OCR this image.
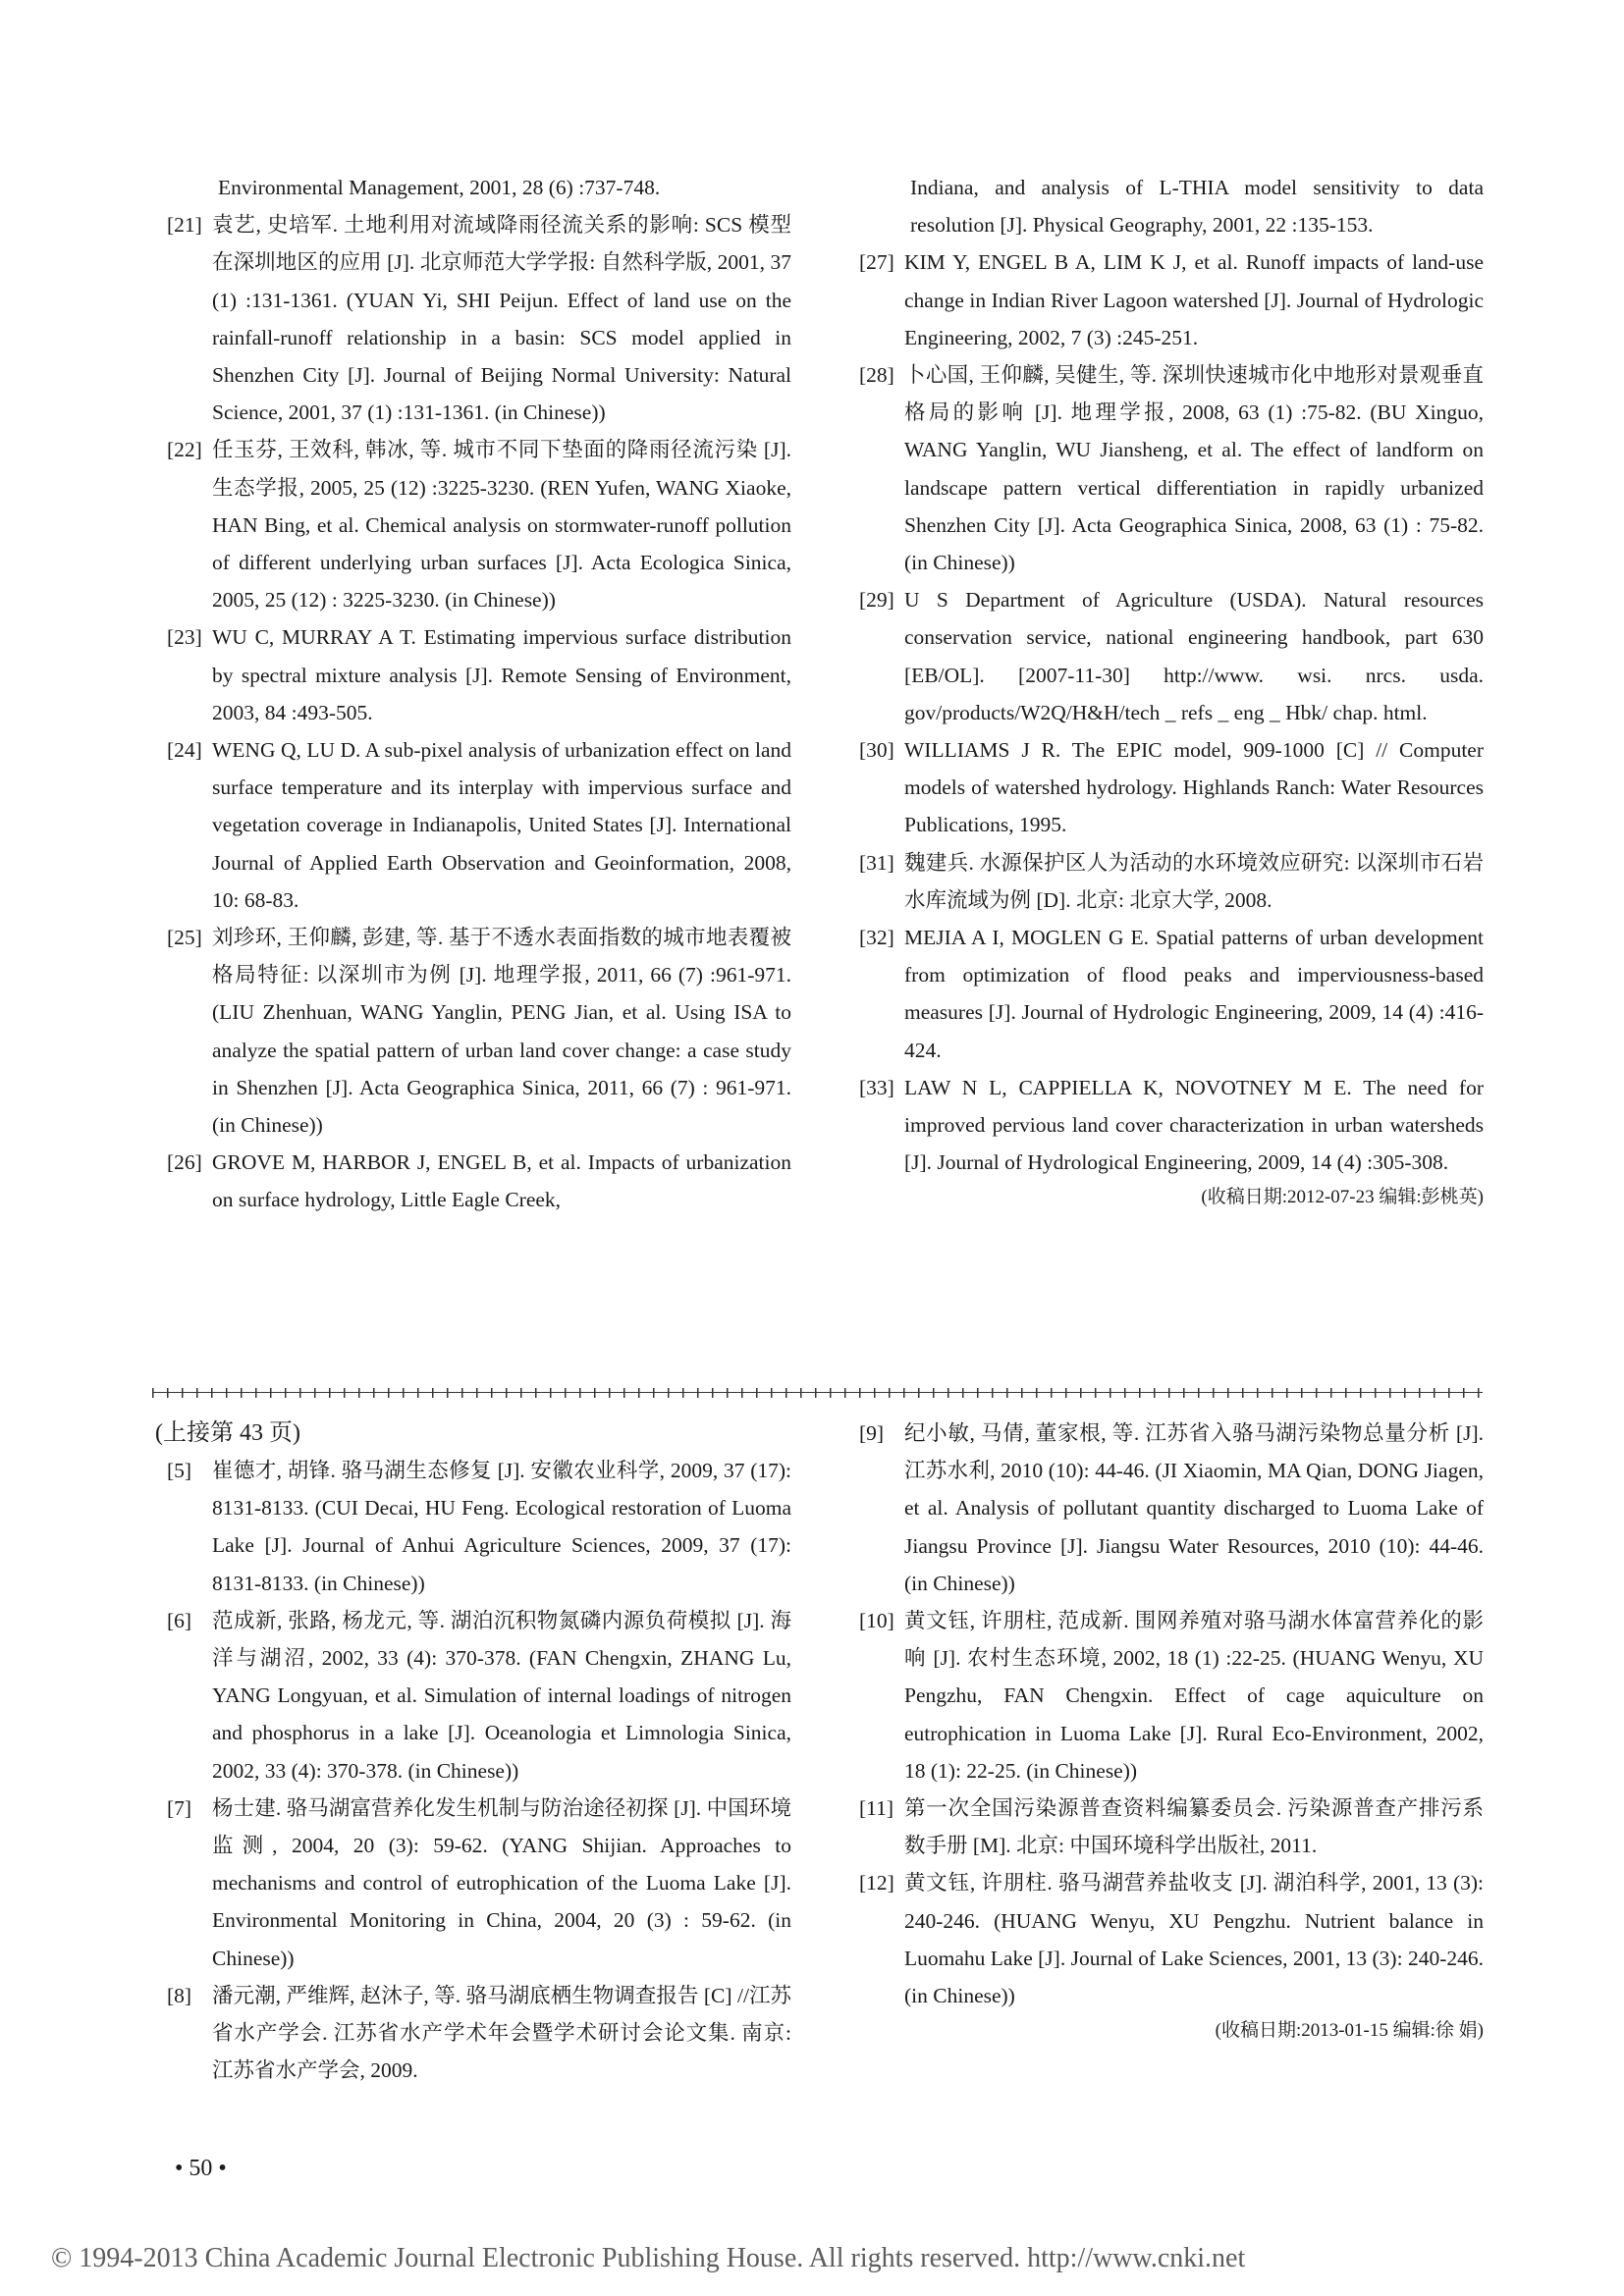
Environmental Management, 2001, 28 (6) :737-748.
[21] 袁艺, 史培军. 土地利用对流域降雨径流关系的影响: SCS 模型在深圳地区的应用 [J]. 北京师范大学学报: 自然科学版, 2001, 37 (1) :131-1361. (YUAN Yi, SHI Peijun. Effect of land use on the rainfall-runoff relationship in a basin: SCS model applied in Shenzhen City [J]. Journal of Beijing Normal University: Natural Science, 2001, 37 (1) :131-1361. (in Chinese))
[22] 任玉芬, 王效科, 韩冰, 等. 城市不同下垫面的降雨径流污染 [J]. 生态学报, 2005, 25 (12) :3225-3230. (REN Yufen, WANG Xiaoke, HAN Bing, et al. Chemical analysis on stormwater-runoff pollution of different underlying urban surfaces [J]. Acta Ecologica Sinica, 2005, 25 (12) : 3225-3230. (in Chinese))
[23] WU C, MURRAY A T. Estimating impervious surface distribution by spectral mixture analysis [J]. Remote Sensing of Environment, 2003, 84 :493-505.
[24] WENG Q, LU D. A sub-pixel analysis of urbanization effect on land surface temperature and its interplay with impervious surface and vegetation coverage in Indianapolis, United States [J]. International Journal of Applied Earth Observation and Geoinformation, 2008, 10: 68-83.
[25] 刘珍环, 王仰麟, 彭建, 等. 基于不透水表面指数的城市地表覆被格局特征: 以深圳市为例 [J]. 地理学报, 2011, 66 (7) :961-971. (LIU Zhenhuan, WANG Yanglin, PENG Jian, et al. Using ISA to analyze the spatial pattern of urban land cover change: a case study in Shenzhen [J]. Acta Geographica Sinica, 2011, 66 (7) : 961-971. (in Chinese))
[26] GROVE M, HARBOR J, ENGEL B, et al. Impacts of urbanization on surface hydrology, Little Eagle Creek,
Indiana, and analysis of L-THIA model sensitivity to data resolution [J]. Physical Geography, 2001, 22 :135-153.
[27] KIM Y, ENGEL B A, LIM K J, et al. Runoff impacts of land-use change in Indian River Lagoon watershed [J]. Journal of Hydrologic Engineering, 2002, 7 (3) :245-251.
[28] 卜心国, 王仰麟, 吴健生, 等. 深圳快速城市化中地形对景观垂直格局的影响 [J]. 地理学报, 2008, 63 (1) :75-82. (BU Xinguo, WANG Yanglin, WU Jiansheng, et al. The effect of landform on landscape pattern vertical differentiation in rapidly urbanized Shenzhen City [J]. Acta Geographica Sinica, 2008, 63 (1) : 75-82. (in Chinese))
[29] U S Department of Agriculture (USDA). Natural resources conservation service, national engineering handbook, part 630 [EB/OL]. [2007-11-30] http://www. wsi. nrcs. usda. gov/products/W2Q/H&H/tech _ refs _ eng _ Hbk/ chap. html.
[30] WILLIAMS J R. The EPIC model, 909-1000 [C] // Computer models of watershed hydrology. Highlands Ranch: Water Resources Publications, 1995.
[31] 魏建兵. 水源保护区人为活动的水环境效应研究: 以深圳市石岩水库流域为例 [D]. 北京: 北京大学, 2008.
[32] MEJIA A I, MOGLEN G E. Spatial patterns of urban development from optimization of flood peaks and imperviousness-based measures [J]. Journal of Hydrologic Engineering, 2009, 14 (4) :416-424.
[33] LAW N L, CAPPIELLA K, NOVOTNEY M E. The need for improved pervious land cover characterization in urban watersheds [J]. Journal of Hydrological Engineering, 2009, 14 (4) :305-308.
(收稿日期:2012-07-23 编辑:彭桃英)
(上接第 43 页)
[5] 崔德才, 胡锋. 骆马湖生态修复 [J]. 安徽农业科学, 2009, 37 (17): 8131-8133. (CUI Decai, HU Feng. Ecological restoration of Luoma Lake [J]. Journal of Anhui Agriculture Sciences, 2009, 37 (17): 8131-8133. (in Chinese))
[6] 范成新, 张路, 杨龙元, 等. 湖泊沉积物氮磷内源负荷模拟 [J]. 海洋与湖沼, 2002, 33 (4): 370-378. (FAN Chengxin, ZHANG Lu, YANG Longyuan, et al. Simulation of internal loadings of nitrogen and phosphorus in a lake [J]. Oceanologia et Limnologia Sinica, 2002, 33 (4): 370-378. (in Chinese))
[7] 杨士建. 骆马湖富营养化发生机制与防治途径初探 [J]. 中国环境监测, 2004, 20 (3): 59-62. (YANG Shijian. Approaches to mechanisms and control of eutrophication of the Luoma Lake [J]. Environmental Monitoring in China, 2004, 20 (3) : 59-62. (in Chinese))
[8] 潘元潮, 严维辉, 赵沐子, 等. 骆马湖底栖生物调查报告 [C] //江苏省水产学会. 江苏省水产学术年会暨学术研讨会论文集. 南京: 江苏省水产学会, 2009.
[9] 纪小敏, 马倩, 董家根, 等. 江苏省入骆马湖污染物总量分析 [J]. 江苏水利, 2010 (10): 44-46. (JI Xiaomin, MA Qian, DONG Jiagen, et al. Analysis of pollutant quantity discharged to Luoma Lake of Jiangsu Province [J]. Jiangsu Water Resources, 2010 (10): 44-46. (in Chinese))
[10] 黄文钰, 许朋柱, 范成新. 围网养殖对骆马湖水体富营养化的影响 [J]. 农村生态环境, 2002, 18 (1) :22-25. (HUANG Wenyu, XU Pengzhu, FAN Chengxin. Effect of cage aquiculture on eutrophication in Luoma Lake [J]. Rural Eco-Environment, 2002, 18 (1): 22-25. (in Chinese))
[11] 第一次全国污染源普查资料编纂委员会. 污染源普查产排污系数手册 [M]. 北京: 中国环境科学出版社, 2011.
[12] 黄文钰, 许朋柱. 骆马湖营养盐收支 [J]. 湖泊科学, 2001, 13 (3): 240-246. (HUANG Wenyu, XU Pengzhu. Nutrient balance in Luomahu Lake [J]. Journal of Lake Sciences, 2001, 13 (3): 240-246. (in Chinese))
(收稿日期:2013-01-15 编辑:徐 娟)
• 50 •
© 1994-2013 China Academic Journal Electronic Publishing House. All rights reserved. http://www.cnki.net
